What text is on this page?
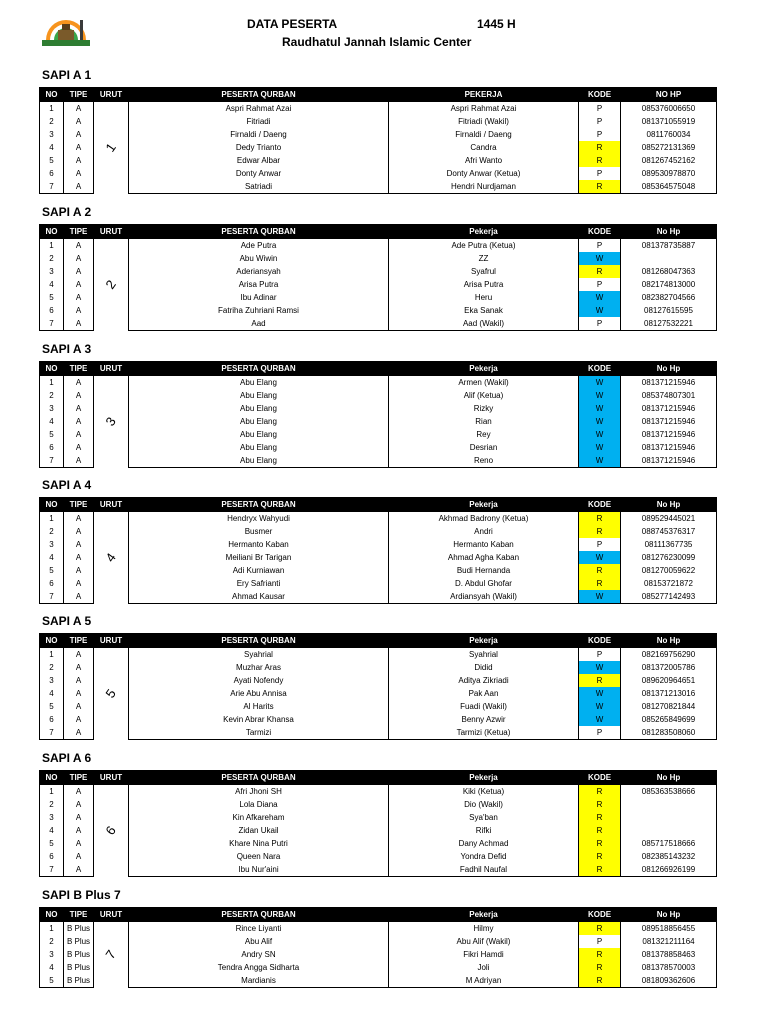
DATA PESERTA	1445 H
Raudhatul Jannah Islamic Center
SAPI A 1
NO	TIPE	URUT	PESERTA QURBAN	PEKERJA	KODE	NO HP
1	A	1	Aspri Rahmat Azai	Aspri Rahmat Azai	P	085376006650
2	A		Fitriadi	Fitriadi (Wakil)	P	081371055919
3	A		Firnaldi / Daeng	Firnaldi / Daeng	P	0811760034
4	A		Dedy Trianto	Candra	R	085272131369
5	A		Edwar Albar	Afri Wanto	R	081267452162
6	A		Donty Anwar	Donty Anwar (Ketua)	P	089530978870
7	A		Satriadi	Hendri Nurdjaman	R	085364575048
SAPI A 2
NO	TIPE	URUT	PESERTA QURBAN	Pekerja	KODE	No Hp
1	A	2	Ade Putra	Ade Putra (Ketua)	P	081378735887
2	A		Abu Wiwin	ZZ	W	
3	A		Aderiansyah	Syafrul	R	081268047363
4	A		Arisa Putra	Arisa Putra	P	082174813000
5	A		Ibu Adinar	Heru	W	082382704566
6	A		Fatriha Zuhriani Ramsi	Eka Sanak	W	08127615595
7	A		Aad	Aad (Wakil)	P	08127532221
SAPI A 3
NO	TIPE	URUT	PESERTA QURBAN	Pekerja	KODE	No Hp
1	A	3	Abu Elang	Armen (Wakil)	W	081371215946
2	A		Abu Elang	Alif (Ketua)	W	085374807301
3	A		Abu Elang	Rizky	W	081371215946
4	A		Abu Elang	Rian	W	081371215946
5	A		Abu Elang	Rey	W	081371215946
6	A		Abu Elang	Desrian	W	081371215946
7	A		Abu Elang	Reno	W	081371215946
SAPI A 4
NO	TIPE	URUT	PESERTA QURBAN	Pekerja	KODE	No Hp
1	A	4	Hendryx Wahyudi	Akhmad Badrony (Ketua)	R	089529445021
2	A		Busmer	Andri	R	088745376317
3	A		Hermanto Kaban	Hermanto Kaban	P	08111367735
4	A		Meiliani Br Tarigan	Ahmad Agha Kaban	W	081276230099
5	A		Adi Kurniawan	Budi Hernanda	R	081270059622
6	A		Ery Safrianti	D. Abdul Ghofar	R	08153721872
7	A		Ahmad Kausar	Ardiansyah (Wakil)	W	085277142493
SAPI A 5
NO	TIPE	URUT	PESERTA QURBAN	Pekerja	KODE	No Hp
1	A	5	Syahrial	Syahrial	P	082169756290
2	A		Muzhar Aras	Didid	W	081372005786
3	A		Ayati Nofendy	Aditya Zikriadi	R	089620964651
4	A		Arie Abu Annisa	Pak Aan	W	081371213016
5	A		Al Harits	Fuadi (Wakil)	W	081270821844
6	A		Kevin Abrar Khansa	Benny Azwir	W	085265849699
7	A		Tarmizi	Tarmizi (Ketua)	P	081283508060
SAPI A 6
NO	TIPE	URUT	PESERTA QURBAN	Pekerja	KODE	No Hp
1	A	6	Afri Jhoni SH	Kiki (Ketua)	R	085363538666
2	A		Lola Diana	Dio (Wakil)	R	
3	A		Kin Afkareham	Sya'ban	R	
4	A		Zidan Ukail	Rifki	R	
5	A		Khare Nina Putri	Dany Achmad	R	085717518666
6	A		Queen Nara	Yondra Defid	R	082385143232
7	A		Ibu Nur'aini	Fadhil Naufal	R	081266926199
SAPI B Plus 7
NO	TIPE	URUT	PESERTA QURBAN	Pekerja	KODE	No Hp
1	B Plus	7	Rince Liyanti	Hilmy	R	089518856455
2	B Plus		Abu Alif	Abu Alif (Wakil)	P	081321211164
3	B Plus		Andry SN	Fikri Hamdi	R	081378858463
4	B Plus		Tendra Angga Sidharta	Joli	R	081378570003
5	B Plus		Mardianis	M Adriyan	R	081809362606
